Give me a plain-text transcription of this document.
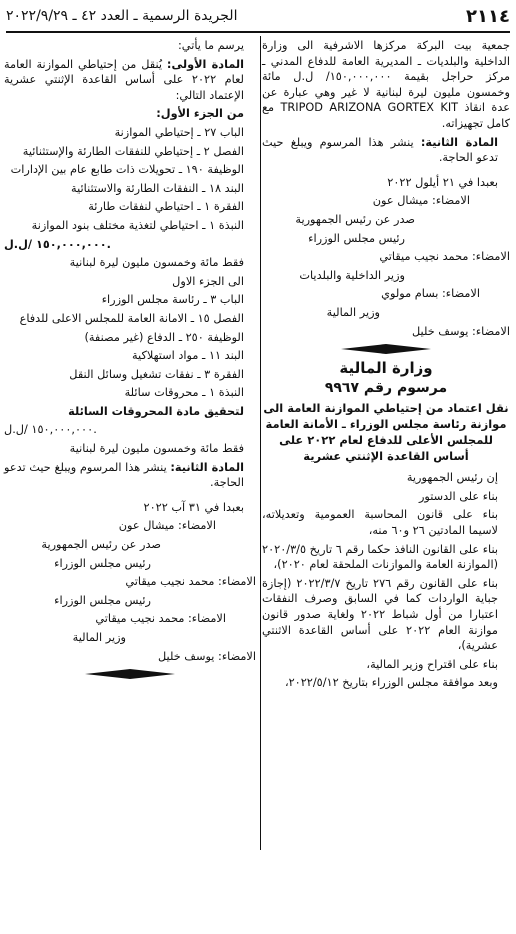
٢١١٤
الجريدة الرسمية ـ العدد ٤٢ ـ ٢٠٢٢/٩/٢٩

جمعية بيت البركة مركزها الاشرفية الى وزارة الداخلية والبلديات ـ المديرية العامة للدفاع المدني ـ مركز حراجل بقيمة ١٥٠,٠٠٠,٠٠٠/ ل.ل مائة وخمسون مليون ليرة لبنانية لا غير وهي عبارة عن عدة انقاذ TRIPOD ARIZONA GORTEX KIT مع كامل تجهيزاته.

المادة الثانية: ينشر هذا المرسوم ويبلغ حيث تدعو الحاجة.

بعبدا في ٢١ أيلول ٢٠٢٢

الامضاء: ميشال عون

صدر عن رئيس الجمهورية

رئيس مجلس الوزراء

الامضاء: محمد نجيب ميقاتي

وزير الداخلية والبلديات

الامضاء: بسام مولوي

وزير المالية

الامضاء: يوسف خليل

وزارة المالية
مرسوم رقم ٩٩٦٧
نقل اعتماد من إحتياطي الموازنة العامة الى موازنة رئاسة مجلس الوزراء ـ الأمانة العامة للمجلس الأعلى للدفاع لعام ٢٠٢٢ على أساس القاعدة الإثنتي عشرية

إن رئيس الجمهورية

بناء على الدستور

بناء على قانون المحاسبة العمومية وتعديلاته، لاسيما المادتين ٢٦ و٦٠ منه،

بناء على القانون النافذ حكما رقم ٦ تاريخ ٢٠٢٠/٣/٥ (الموازنة العامة والموازنات الملحقة لعام ٢٠٢٠)،

بناء على القانون رقم ٢٧٦ تاريخ ٢٠٢٢/٣/٧ (إجازة جباية الواردات كما في السابق وصرف النفقات اعتبارا من أول شباط ٢٠٢٢ ولغاية صدور قانون موازنة العام ٢٠٢٢ على أساس القاعدة الاثنتي عشرية)،

بناء على اقتراح وزير المالية،

وبعد موافقة مجلس الوزراء بتاريخ ٢٠٢٢/٥/١٢،

يرسم ما يأتي:

المادة الأولى: يُنقل من إحتياطي الموازنة العامة لعام ٢٠٢٢ على أساس القاعدة الإثنتي عشرية الإعتماد التالي:

من الجزء الأول:

الباب ٢٧ ـ إحتياطي الموازنة

الفصل ٢ ـ إحتياطي للنفقات الطارئة والإستثنائية

الوظيفة ١٩٠ ـ تحويلات ذات طابع عام بين الإدارات

البند ١٨ ـ النفقات الطارئة والاستثنائية

الفقرة ١ ـ احتياطي لنفقات طارئة

النبذة ١ ـ احتياطي لتغذية مختلف بنود الموازنة

١٥٠,٠٠٠,٠٠٠ /ل.ل.

فقط مائة وخمسون مليون ليرة لبنانية

الى الجزء الاول

الباب ٣ ـ رئاسة مجلس الوزراء

الفصل ١٥ ـ الامانة العامة للمجلس الاعلى للدفاع

الوظيفة ٢٥٠ ـ الدفاع (غير مصنفة)

البند ١١ ـ مواد استهلاكية

الفقرة ٣ ـ نفقات تشغيل وسائل النقل

النبذة ١ ـ محروقات سائلة

لتحقيق مادة المحروقات السائلة

١٥٠,٠٠٠,٠٠٠ /ل.ل.

فقط مائة وخمسون مليون ليرة لبنانية

المادة الثانية: ينشر هذا المرسوم ويبلغ حيث تدعو الحاجة.

بعبدا في ٣١ آب ٢٠٢٢

الامضاء: ميشال عون

صدر عن رئيس الجمهورية

رئيس مجلس الوزراء

الامضاء: محمد نجيب ميقاتي

رئيس مجلس الوزراء

الامضاء: محمد نجيب ميقاتي

وزير المالية

الامضاء: يوسف خليل
